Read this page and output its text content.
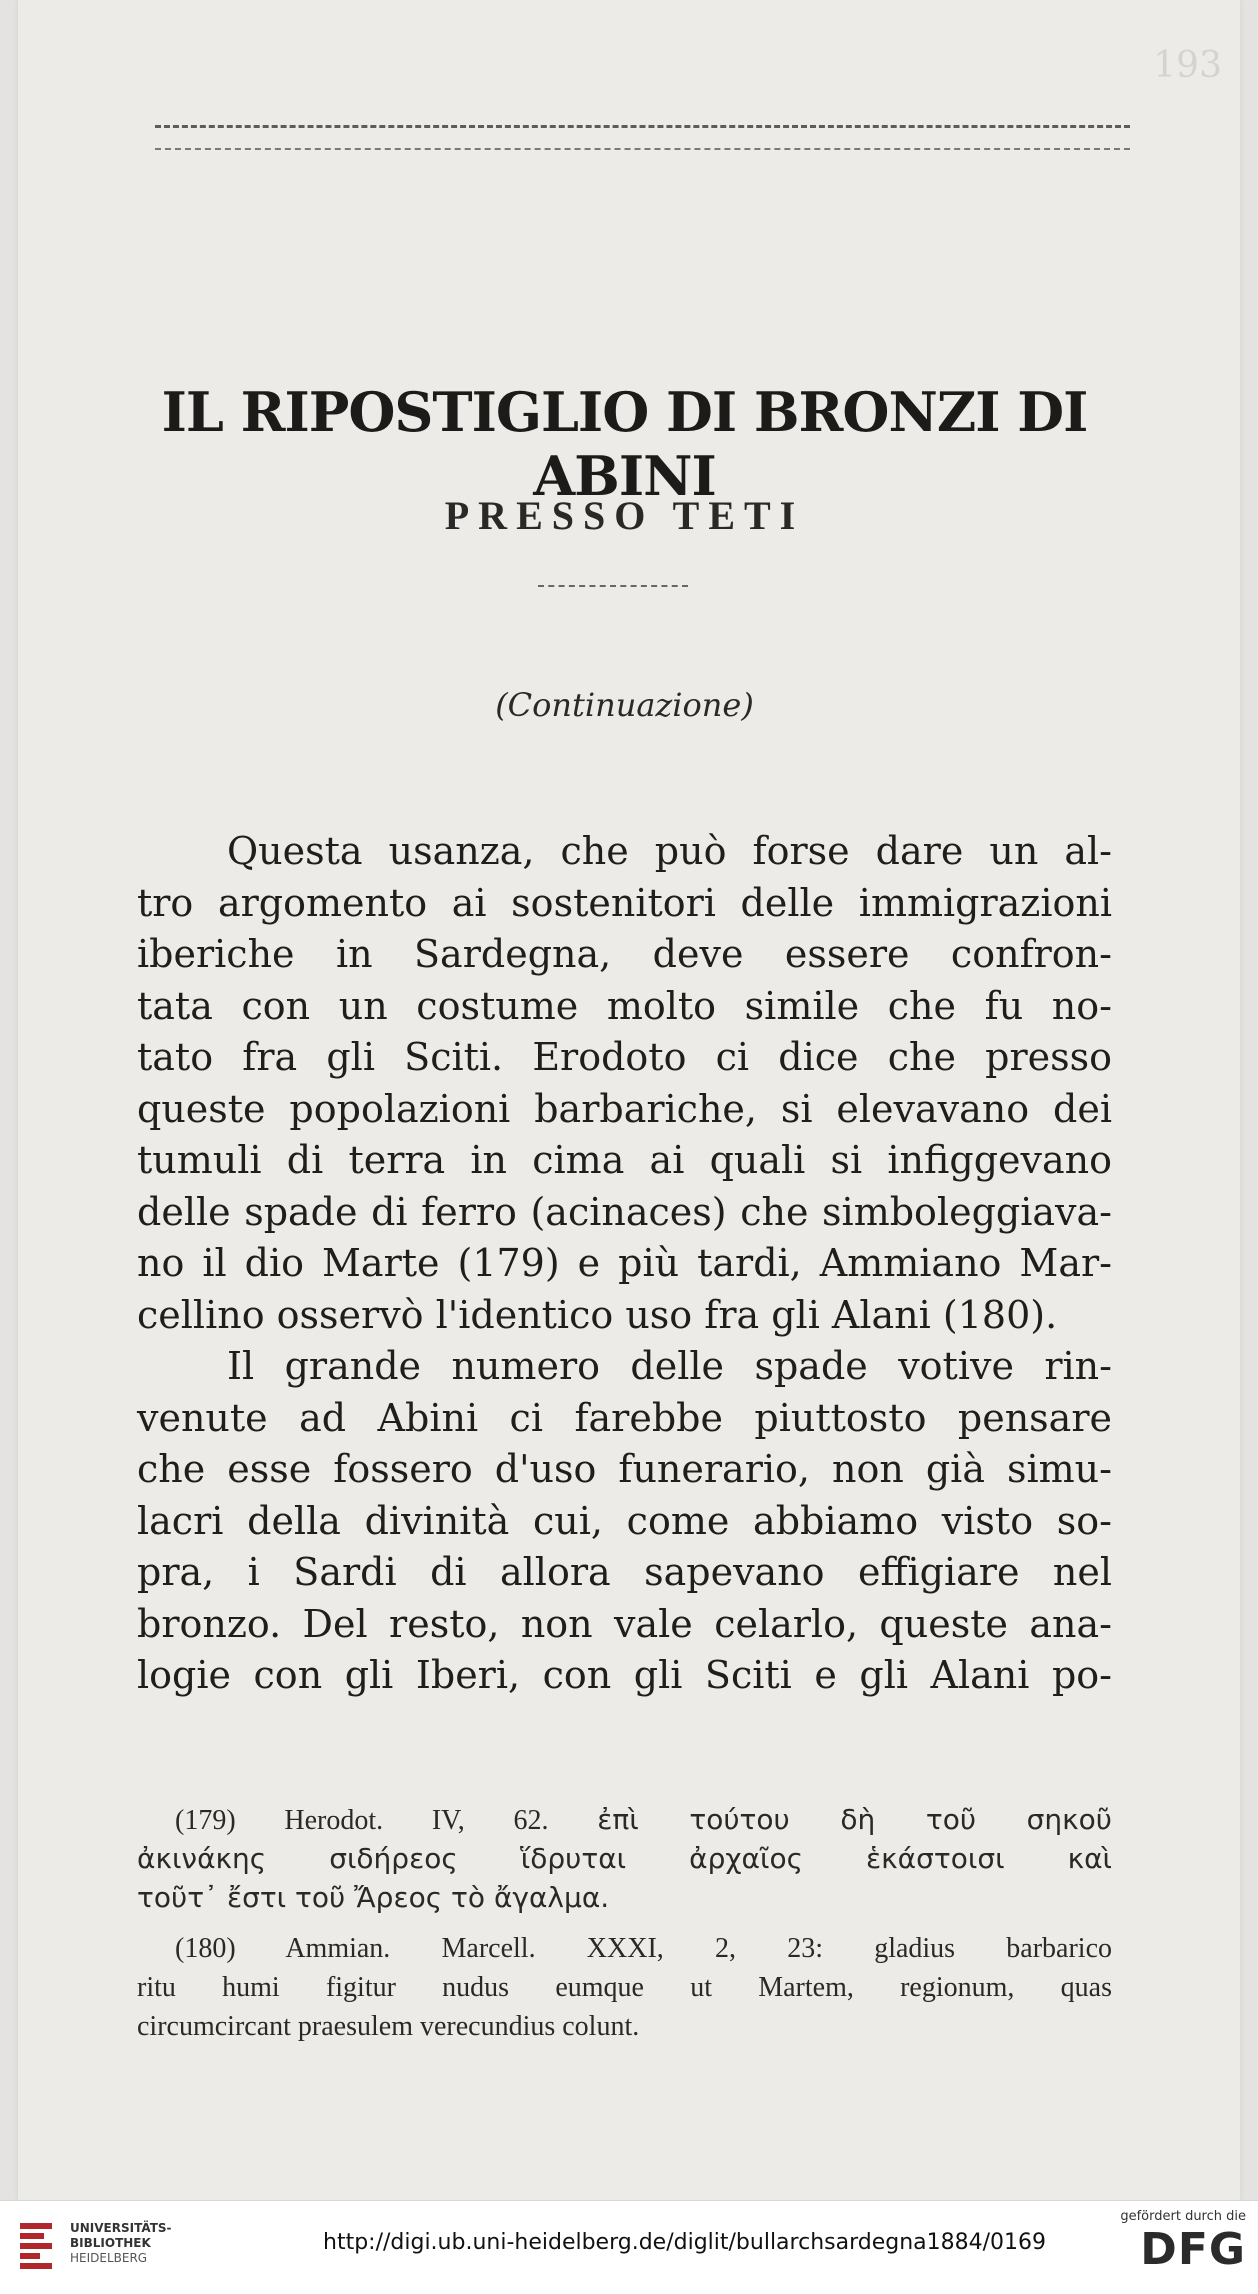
193
IL RIPOSTIGLIO DI BRONZI DI ABINI
PRESSO TETI

(Continuazione)

Questa usanza, che può forse dare un al-
tro argomento ai sostenitori delle immigrazioni
iberiche in Sardegna, deve essere confron-
tata con un costume molto simile che fu no-
tato fra gli Sciti. Erodoto ci dice che presso
queste popolazioni barbariche, si elevavano dei
tumuli di terra in cima ai quali si infiggevano
delle spade di ferro (acinaces) che simboleggiava-
no il dio Marte (179) e più tardi, Ammiano Mar-
cellino osservò l'identico uso fra gli Alani (180).
Il grande numero delle spade votive rin-
venute ad Abini ci farebbe piuttosto pensare
che esse fossero d'uso funerario, non già simu-
lacri della divinità cui, come abbiamo visto so-
pra, i Sardi di allora sapevano effigiare nel
bronzo. Del resto, non vale celarlo, queste ana-
logie con gli Iberi, con gli Sciti e gli Alani po-
(179) Herodot. IV, 62. ἐπὶ τούτου δὴ τοῦ σηκοῦ
ἀκινάκης σιδήρεος ἵδρυται ἀρχαῖος ἑκάστοισι καὶ
τοῦτ᾽ ἔστι τοῦ Ἄρεος τὸ ἄγαλμα.
(180) Ammian. Marcell. XXXI, 2, 23: gladius barbarico
ritu humi figitur nudus eumque ut Martem, regionum, quas
circumcircant praesulem verecundius colunt.
UNIVERSITÄTS-
BIBLIOTHEK
HEIDELBERG
http://digi.ub.uni-heidelberg.de/diglit/bullarchsardegna1884/0169
gefördert durch die
DFG
